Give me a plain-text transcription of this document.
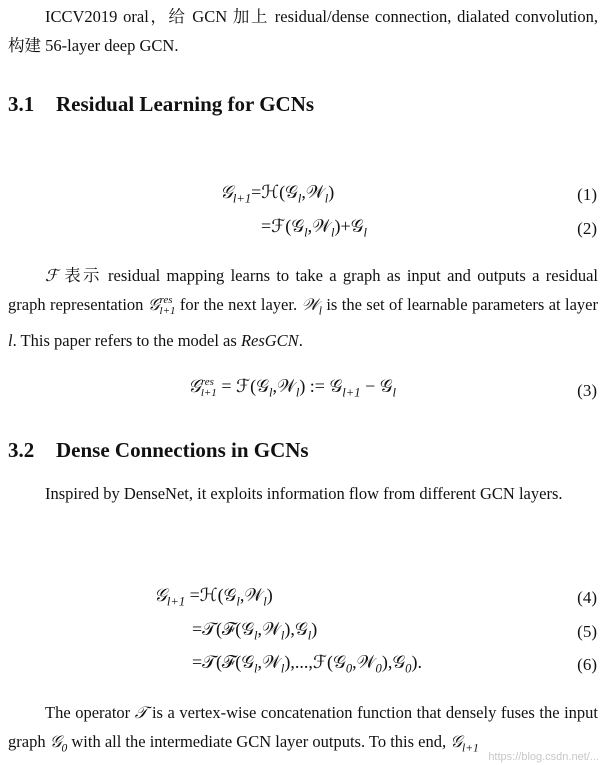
ICCV2019 oral，给 GCN 加上 residual/dense connection, dialated convolution, 构建 56-layer deep GCN.

3.1 Residual Learning for GCNs
𝒢$_{l+1}$=ℋ(𝒢$_l$,𝒲$_l$)	(1)
=ℱ(𝒢$_l$,𝒲$_l$)+𝒢$_l$	(2)

ℱ 表示 residual mapping learns to take a graph as input and outputs a residual graph representation 𝒢 res
l+1 for the next layer. 𝒲$_l$ is the set of learnable parameters at layer l. This paper refers to the model as ResGCN.

𝒢 res
l+1 = ℱ(𝒢$_l$,𝒲$_l$) := 𝒢$_{l+1}$ − 𝒢$_l$	(3)
3.2 Dense Connections in GCNs

Inspired by DenseNet, it exploits information flow from different GCN layers.

𝒢$_{l+1}$ =ℋ(𝒢$_l$,𝒲$_l$)	(4)
=𝒯(ℱ(𝒢$_l$,𝒲$_l$),𝒢$_l$)	(5)
=𝒯(ℱ(𝒢$_l$,𝒲$_l$),...,ℱ(𝒢$_0$,𝒲$_0$),𝒢$_0$).	(6)

The operator 𝒯 is a vertex-wise concatenation function that densely fuses the input graph 𝒢$_0$ with all the intermediate GCN layer outputs. To this end, 𝒢$_{l+1}$

https://blog.csdn.net/...
